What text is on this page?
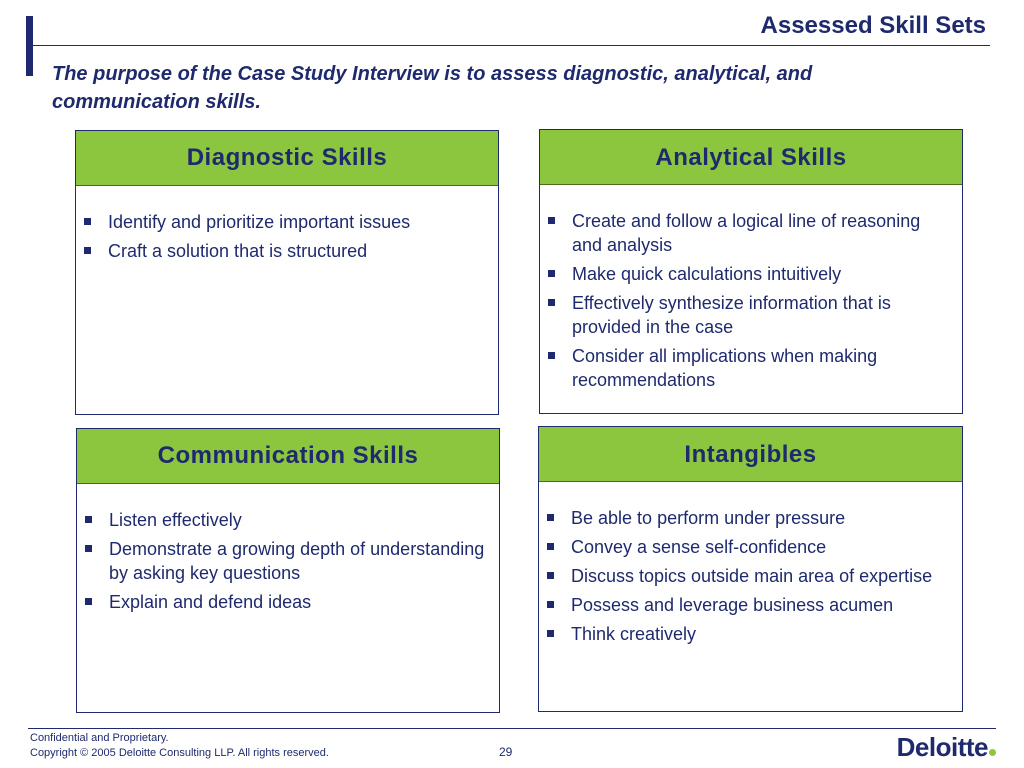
Assessed Skill Sets
The purpose of the Case Study Interview is to assess diagnostic, analytical, and communication skills.
Diagnostic Skills
Identify and prioritize important issues
Craft a solution that is structured
Analytical Skills
Create and follow a logical line of reasoning and analysis
Make quick calculations intuitively
Effectively synthesize information that is provided in the case
Consider all implications when making recommendations
Communication Skills
Listen effectively
Demonstrate a growing depth of understanding by asking key questions
Explain and defend ideas
Intangibles
Be able to perform under pressure
Convey a sense self-confidence
Discuss topics outside main area of expertise
Possess and leverage business acumen
Think creatively
Confidential and Proprietary.
Copyright © 2005 Deloitte Consulting LLP. All rights reserved.	29	Deloitte
